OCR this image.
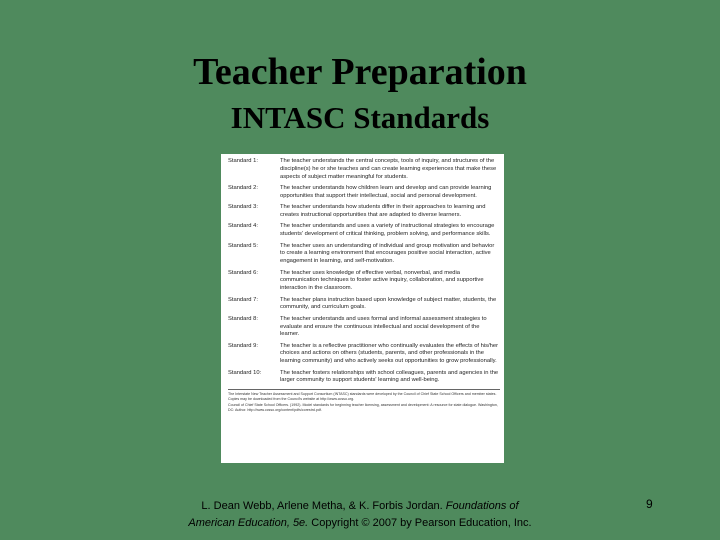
Teacher Preparation
INTASC Standards
Standard 1:	The teacher understands the central concepts, tools of inquiry, and structures of the discipline(s) he or she teaches and can create learning experiences that make these aspects of subject matter meaningful for students.
Standard 2:	The teacher understands how children learn and develop and can provide learning opportunities that support their intellectual, social and personal development.
Standard 3:	The teacher understands how students differ in their approaches to learning and creates instructional opportunities that are adapted to diverse learners.
Standard 4:	The teacher understands and uses a variety of instructional strategies to encourage students' development of critical thinking, problem solving, and performance skills.
Standard 5:	The teacher uses an understanding of individual and group motivation and behavior to create a learning environment that encourages positive social interaction, active engagement in learning, and self-motivation.
Standard 6:	The teacher uses knowledge of effective verbal, nonverbal, and media communication techniques to foster active inquiry, collaboration, and supportive interaction in the classroom.
Standard 7:	The teacher plans instruction based upon knowledge of subject matter, students, the community, and curriculum goals.
Standard 8:	The teacher understands and uses formal and informal assessment strategies to evaluate and ensure the continuous intellectual and social development of the learner.
Standard 9:	The teacher is a reflective practitioner who continually evaluates the effects of his/her choices and actions on others (students, parents, and other professionals in the learning community) and who actively seeks out opportunities to grow professionally.
Standard 10:	The teacher fosters relationships with school colleagues, parents and agencies in the larger community to support students' learning and well-being.

The Interstate New Teacher Assessment and Support Consortium (INTASC) standards were developed by the Council of Chief State School Officers and member states. Copies may be downloaded from the Council's website at http://www.ccsso.org.

Council of Chief State School Officers. (1992). Model standards for beginning teacher licensing, assessment and development: A resource for state dialogue. Washington, DC: Author. http://www.ccsso.org/content/pdfs/corestrd.pdf.

L. Dean Webb, Arlene Metha, & K. Forbis Jordan. Foundations of
American Education, 5e. Copyright © 2007 by Pearson Education, Inc.
9
